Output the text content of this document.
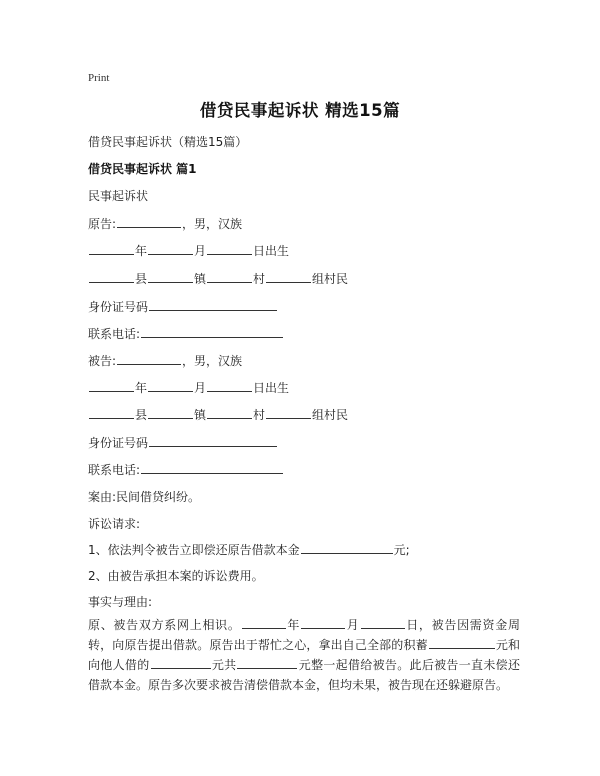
Print
借贷民事起诉状 精选15篇
借贷民事起诉状（精选15篇）
借贷民事起诉状 篇1
民事起诉状
原告:	，男，汉族
年	月	日出生
县	镇	村	组村民
身份证号码
联系电话:
被告:	，男，汉族
年	月	日出生
县	镇	村	组村民
身份证号码
联系电话:
案由:民间借贷纠纷。
诉讼请求:
1、依法判令被告立即偿还原告借款本金	元;
2、由被告承担本案的诉讼费用。
事实与理由:
原、被告双方系网上相识。	年	月	日，被告因需资金周转，向原告提出借款。原告出于帮忙之心，拿出自己全部的积蓄	元和向他人借的	元共	元整一起借给被告。此后被告一直未偿还借款本金。原告多次要求被告清偿借款本金，但均未果，被告现在还躲避原告。
